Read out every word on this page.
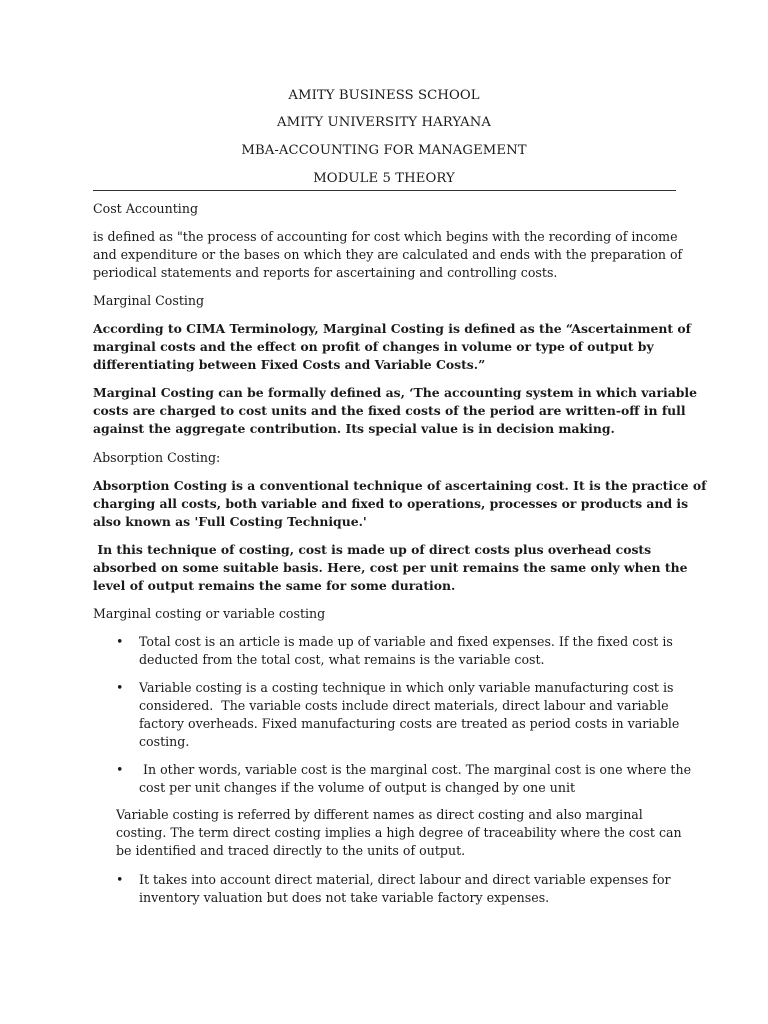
AMITY BUSINESS SCHOOL
AMITY UNIVERSITY HARYANA
MBA-ACCOUNTING FOR MANAGEMENT
MODULE 5 THEORY
Cost Accounting
is defined as "the process of accounting for cost which begins with the recording of income
and expenditure or the bases on which they are calculated and ends with the preparation of
periodical statements and reports for ascertaining and controlling costs.
Marginal Costing
According to CIMA Terminology, Marginal Costing is defined as the “Ascertainment of
marginal costs and the effect on profit of changes in volume or type of output by
differentiating between Fixed Costs and Variable Costs.”
Marginal Costing can be formally defined as, ‘The accounting system in which variable
costs are charged to cost units and the fixed costs of the period are written-off in full
against the aggregate contribution. Its special value is in decision making.
Absorption Costing:
Absorption Costing is a conventional technique of ascertaining cost. It is the practice of
charging all costs, both variable and fixed to operations, processes or products and is
also known as 'Full Costing Technique.'
In this technique of costing, cost is made up of direct costs plus overhead costs
absorbed on some suitable basis. Here, cost per unit remains the same only when the
level of output remains the same for some duration.
Marginal costing or variable costing
• Total cost is an article is made up of variable and fixed expenses. If the fixed cost is
deducted from the total cost, what remains is the variable cost.
• Variable costing is a costing technique in which only variable manufacturing cost is
considered.  The variable costs include direct materials, direct labour and variable
factory overheads. Fixed manufacturing costs are treated as period costs in variable
costing.
• In other words, variable cost is the marginal cost. The marginal cost is one where the
cost per unit changes if the volume of output is changed by one unit
Variable costing is referred by different names as direct costing and also marginal
costing. The term direct costing implies a high degree of traceability where the cost can
be identified and traced directly to the units of output.
• It takes into account direct material, direct labour and direct variable expenses for
inventory valuation but does not take variable factory expenses.
